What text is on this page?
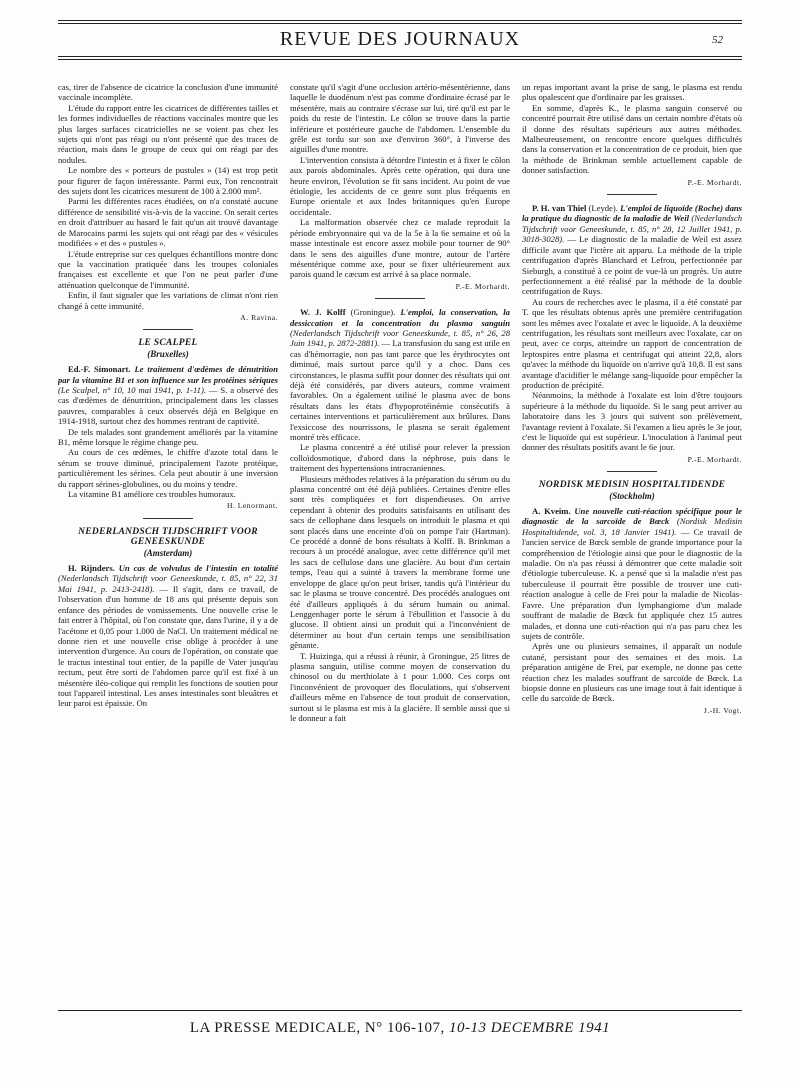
REVUE DES JOURNAUX	52

cas, tirer de l'absence de cicatrice la conclusion d'une immunité vaccinale incomplète.

L'étude du rapport entre les cicatrices de différentes tailles et les formes individuelles de réactions vaccinales montre que les plus larges surfaces cicatricielles ne se voient pas chez les sujets qui n'ont pas réagi ou n'ont présenté que des traces de réaction, mais dans le groupe de ceux qui ont réagi par des nodules.

Le nombre des « porteurs de pustules » (14) est trop petit pour figurer de façon intéressante. Parmi eux, l'on rencontrait des sujets dont les cicatrices mesurent de 100 à 2.000 mm².

Parmi les différentes races étudiées, on n'a constaté aucune différence de sensibilité vis-à-vis de la vaccine. On serait certes en droit d'attribuer au hasard le fait qu'un ait trouvé davantage de Marocains parmi les sujets qui ont réagi par des « vésicules modifiées » et des « pustules ».

L'étude entreprise sur ces quelques échantillons montre donc que la vaccination pratiquée dans les troupes coloniales françaises est excellente et que l'on ne peut parler d'une atténuation quelconque de l'immunité.

Enfin, il faut signaler que les variations de climat n'ont rien changé à cette immunité.

A. Ravina.
LE SCALPEL
(Bruxelles)

Ed.-F. Simonart. Le traitement d'œdèmes de dénutrition par la vitamine B1 et son influence sur les protéines sériques (Le Scalpel, n° 10, 10 mai 1941, p. 1-11). — S. a observé des cas d'œdèmes de dénutrition, principalement dans les classes pauvres, comparables à ceux observés déjà en Belgique en 1914-1918, surtout chez des hommes rentrant de captivité.

De tels malades sont grandement améliorés par la vitamine B1, même lorsque le régime change peu.

Au cours de ces œdèmes, le chiffre d'azote total dans le sérum se trouve diminué, principalement l'azote protéique, particulièrement les sérines. Cela peut aboutir à une inversion du rapport sérines-globulines, ou du moins y tendre.

La vitamine B1 améliore ces troubles humoraux.

H. Lenormant.
NEDERLANDSCH TIJDSCHRIFT VOOR GENEESKUNDE
(Amsterdam)

H. Rijnders. Un cas de volvulus de l'intestin en totalité (Nederlandsch Tijdschrift voor Geneeskunde, t. 85, n° 22, 31 Mai 1941, p. 2413-2418). — Il s'agit, dans ce travail, de l'observation d'un homme de 18 ans qui présente depuis son enfance des périodes de vomissements. Une nouvelle crise le fait entrer à l'hôpital, où l'on constate que, dans l'urine, il y a de l'acétone et 0,05 pour 1.000 de NaCl. Un traitement médical ne donne rien et une nouvelle crise oblige à procéder à une intervention d'urgence. Au cours de l'opération, on constate que le tractus intestinal tout entier, de la papille de Vater jusqu'au rectum, peut être sorti de l'abdomen parce qu'il est fixé à un mésentère iléo-colique qui remplit les fonctions de soutien pour tout l'appareil intestinal. Les anses intestinales sont bleuâtres et leur paroi est épaissie. On

constate qu'il s'agit d'une occlusion artério-mésentérienne, dans laquelle le duodénum n'est pas comme d'ordinaire écrasé par le mésentère, mais au contraire s'écrase sur lui, tiré qu'il est par le poids du reste de l'intestin. Le côlon se trouve dans la partie inférieure et postérieure gauche de l'abdomen. L'ensemble du grêle est tordu sur son axe d'environ 360°, à l'inverse des aiguilles d'une montre.

L'intervention consista à détordre l'intestin et à fixer le côlon aux parois abdominales. Après cette opération, qui dura une heure environ, l'évolution se fit sans incident. Au point de vue étiologie, les accidents de ce genre sont plus fréquents en Europe orientale et aux Indes britanniques qu'en Europe occidentale.

La malformation observée chez ce malade reproduit la période embryonnaire qui va de la 5e à la 6e semaine et où la masse intestinale est encore assez mobile pour tourner de 90° dans le sens des aiguilles d'une montre, autour de l'artère mésentérique comme axe, pour se fixer ultérieurement aux parois quand le cæcum est arrivé à sa place normale.

P.-E. Morhardt.

W. J. Kolff (Groningue). L'emploi, la conservation, la dessiccation et la concentration du plasma sanguin (Nederlandsch Tijdschrift voor Geneeskunde, t. 85, n° 26, 28 Juin 1941, p. 2872-2881). — La transfusion du sang est utile en cas d'hémorragie, non pas tant parce que les érythrocytes ont diminué, mais surtout parce qu'il y a choc. Dans ces circonstances, le plasma suffit pour donner des résultats qui ont déjà été considérés, par divers auteurs, comme vraiment favorables. On a également utilisé le plasma avec de bons résultats dans les états d'hypoprotéinémie consécutifs à certaines interventions et particulièrement aux brûlures. Dans l'exsiccose des nourrissons, le plasma se serait également montré très efficace.

Le plasma concentré a été utilisé pour relever la pression colloïdosmotique, d'abord dans la néphrose, puis dans le traitement des hypertensions intracraniennes.

Plusieurs méthodes relatives à la préparation du sérum ou du plasma concentré ont été déjà publiées. Certaines d'entre elles sont très compliquées et fort dispendieuses. On arrive cependant à obtenir des produits satisfaisants en utilisant des sacs de cellophane dans lesquels on introduit le plasma et qui sont placés dans une enceinte d'où on pompe l'air (Hartman). Ce procédé a donné de bons résultats à Kolff. B. Brinkman a recours à un procédé analogue, avec cette différence qu'il met les sacs de cellulose dans une glacière. Au bout d'un certain temps, l'eau qui a suinté à travers la membrane forme une enveloppe de glace qu'on peut briser, tandis qu'à l'intérieur du sac le plasma se trouve concentré. Des procédés analogues ont été d'ailleurs appliqués à du sérum humain ou animal. Lenggenhager porte le sérum à l'ébullition et l'associe à du glucose. Il obtient ainsi un produit qui a l'inconvénient de déterminer au bout d'un certain temps une sensibilisation gênante.

T. Huizinga, qui a réussi à réunir, à Groningue, 25 litres de plasma sanguin, utilise comme moyen de conservation du chinosol ou du merthiolate à 1 pour 1.000. Ces corps ont l'inconvénient de provoquer des floculations, qui s'observent d'ailleurs même en l'absence de tout produit de conservation, surtout si le plasma est mis à la glacière. Il semble aussi que si le donneur a fait

un repas important avant la prise de sang, le plasma est rendu plus opalescent que d'ordinaire par les graisses.

En somme, d'après K., le plasma sanguin conservé ou concentré pourrait être utilisé dans un certain nombre d'états où il donne des résultats supérieurs aux autres méthodes. Malheureusement, on rencontre encore quelques difficultés dans la conservation et la concentration de ce produit, bien que la méthode de Brinkman semble actuellement capable de donner satisfaction.

P.-E. Morhardt.

P. H. van Thiel (Leyde). L'emploi de liquoïde (Roche) dans la pratique du diagnostic de la maladie de Weil (Nederlandsch Tijdschrift voor Geneeskunde, t. 85, n° 28, 12 Juillet 1941, p. 3018-3028). — Le diagnostic de la maladie de Weil est assez difficile avant que l'ictère ait apparu. La méthode de la triple centrifugation d'après Blanchard et Lefrou, perfectionnée par Sieburgh, a constitué à ce point de vue-là un progrès. Un autre perfectionnement a été réalisé par la méthode de la double centrifugation de Ruys.

Au cours de recherches avec le plasma, il a été constaté par T. que les résultats obtenus après une première centrifugation sont les mêmes avec l'oxalate et avec le liquoïde. A la deuxième centrifugation, les résultats sont meilleurs avec l'oxalate, car on peut, avec ce corps, atteindre un rapport de concentration de leptospires entre plasma et centrifugat qui atteint 22,8, alors qu'avec la méthode du liquoïde on n'arrive qu'à 10,8. Il est sans avantage d'acidifier le mélange sang-liquoïde pour empêcher la production de précipité.

Néanmoins, la méthode à l'oxalate est loin d'être toujours supérieure à la méthode du liquoïde. Si le sang peut arriver au laboratoire dans les 3 jours qui suivent son prélèvement, l'avantage revient à l'oxalate. Si l'examen a lieu après le 3e jour, c'est le liquoïde qui est supérieur. L'inoculation à l'animal peut donner des résultats positifs avant le 6e jour.

P.-E. Morhardt.
NORDISK MEDISIN HOSPITALTIDENDE
(Stockholm)

A. Kveim. Une nouvelle cuti-réaction spécifique pour le diagnostic de la sarcoïde de Bœck (Nordisk Medisin Hospitaltidende, vol. 3, 18 Janvier 1941). — Ce travail de l'ancien service de Bœck semble de grande importance pour la compréhension de l'étiologie ainsi que pour le diagnostic de la maladie. On n'a pas réussi à démontrer que cette maladie soit d'étiologie tuberculeuse. K. a pensé que si la maladie n'est pas tuberculeuse il pourrait être possible de trouver une cuti-réaction analogue à celle de Frei pour la maladie de Nicolas-Favre. Une préparation d'un lymphangiome d'un malade souffrant de maladie de Bœck fut appliquée chez 15 autres malades, et donna une cuti-réaction qui n'a pas paru chez les sujets de contrôle.

Après une ou plusieurs semaines, il apparaît un nodule cutané, persistant pour des semaines et des mois. La préparation antigène de Frei, par exemple, ne donne pas cette réaction chez les malades souffrant de sarcoïde de Bœck. La biopsie donne en plusieurs cas une image tout à fait identique à celle du sarcoïde de Bœck.

J.-H. Vogt.
LA PRESSE MEDICALE, N° 106-107, 10-13 DECEMBRE 1941
